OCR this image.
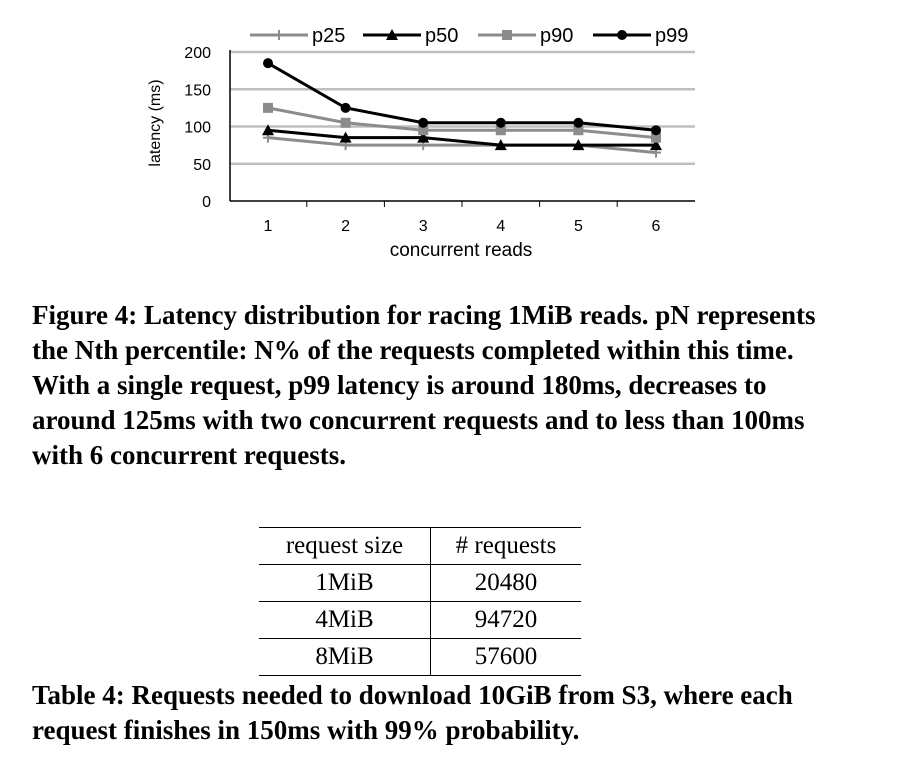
0
50
100
150
200
1	2	3	4	5	6
concurrent reads
latency (ms)
p25	p50	p90	p99

Figure 4: Latency distribution for racing 1MiB reads. pN represents the Nth percentile: N% of the requests completed within this time. With a single request, p99 latency is around 180ms, decreases to around 125ms with two concurrent requests and to less than 100ms with 6 concurrent requests.

request size	# requests
1MiB	20480
4MiB	94720
8MiB	57600

Table 4: Requests needed to download 10GiB from S3, where each request finishes in 150ms with 99% probability.
